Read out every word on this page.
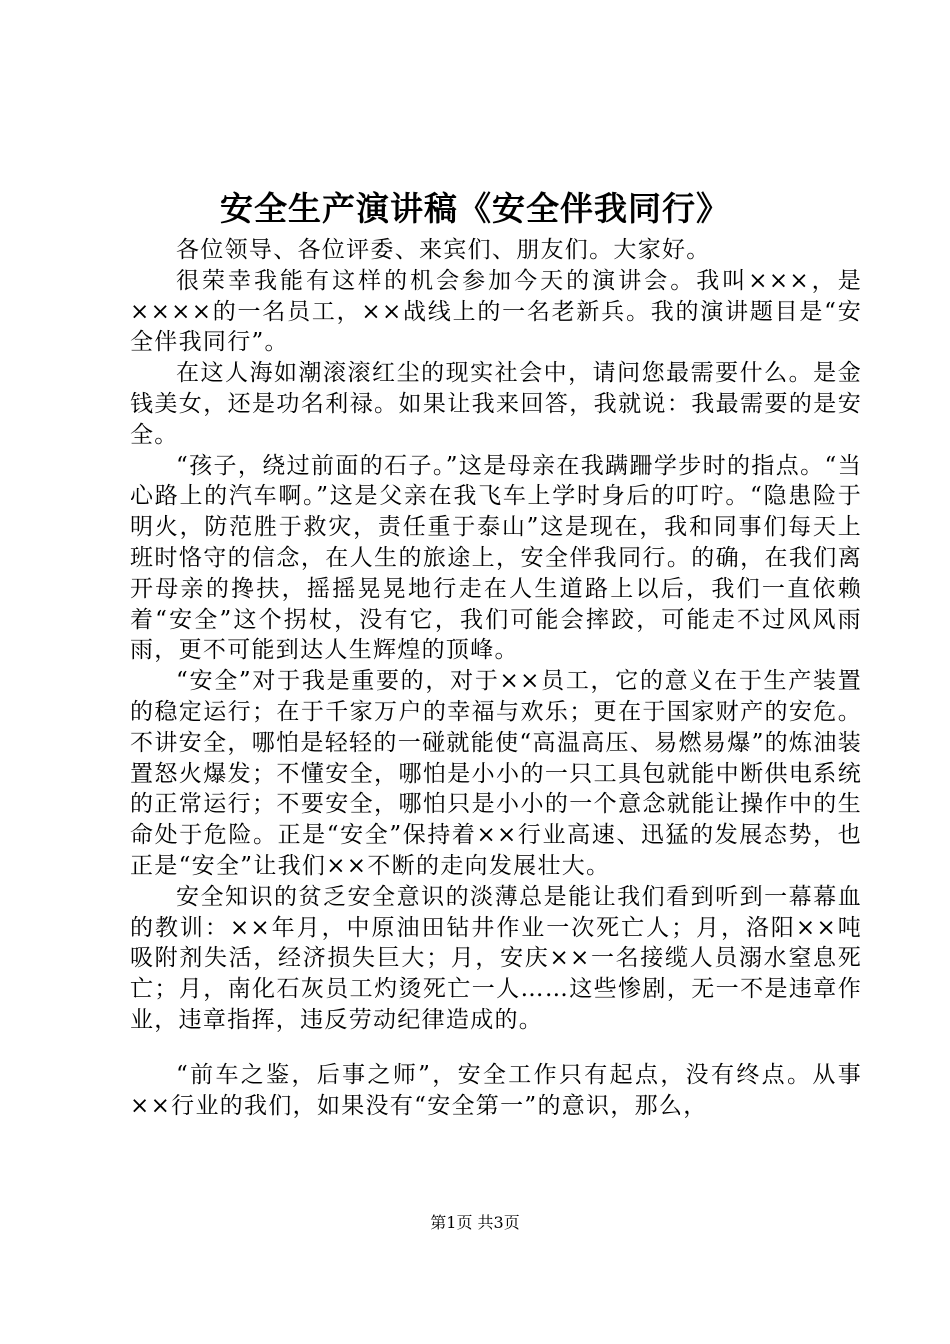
安全生产演讲稿《安全伴我同行》

各位领导、各位评委、来宾们、朋友们。大家好。

很荣幸我能有这样的机会参加今天的演讲会。我叫×××，是××××的一名员工，××战线上的一名老新兵。我的演讲题目是“安全伴我同行”。

在这人海如潮滚滚红尘的现实社会中，请问您最需要什么。是金钱美女，还是功名利禄。如果让我来回答，我就说：我最需要的是安全。

“孩子，绕过前面的石子。”这是母亲在我蹒跚学步时的指点。“当心路上的汽车啊。”这是父亲在我飞车上学时身后的叮咛。“隐患险于明火，防范胜于救灾，责任重于泰山”这是现在，我和同事们每天上班时恪守的信念，在人生的旅途上，安全伴我同行。的确，在我们离开母亲的搀扶，摇摇晃晃地行走在人生道路上以后，我们一直依赖着“安全”这个拐杖，没有它，我们可能会摔跤，可能走不过风风雨雨，更不可能到达人生辉煌的顶峰。

“安全”对于我是重要的，对于××员工，它的意义在于生产装置的稳定运行；在于千家万户的幸福与欢乐；更在于国家财产的安危。不讲安全，哪怕是轻轻的一碰就能使“高温高压、易燃易爆”的炼油装置怒火爆发；不懂安全，哪怕是小小的一只工具包就能中断供电系统的正常运行；不要安全，哪怕只是小小的一个意念就能让操作中的生命处于危险。正是“安全”保持着××行业高速、迅猛的发展态势，也正是“安全”让我们××不断的走向发展壮大。

安全知识的贫乏安全意识的淡薄总是能让我们看到听到一幕幕血的教训：××年月，中原油田钻井作业一次死亡人；月，洛阳××吨吸附剂失活，经济损失巨大；月，安庆××一名接缆人员溺水窒息死亡；月，南化石灰员工灼烫死亡一人……这些惨剧，无一不是违章作业，违章指挥，违反劳动纪律造成的。

“前车之鉴，后事之师”，安全工作只有起点，没有终点。从事××行业的我们，如果没有“安全第一”的意识，那么，

第1页 共3页
